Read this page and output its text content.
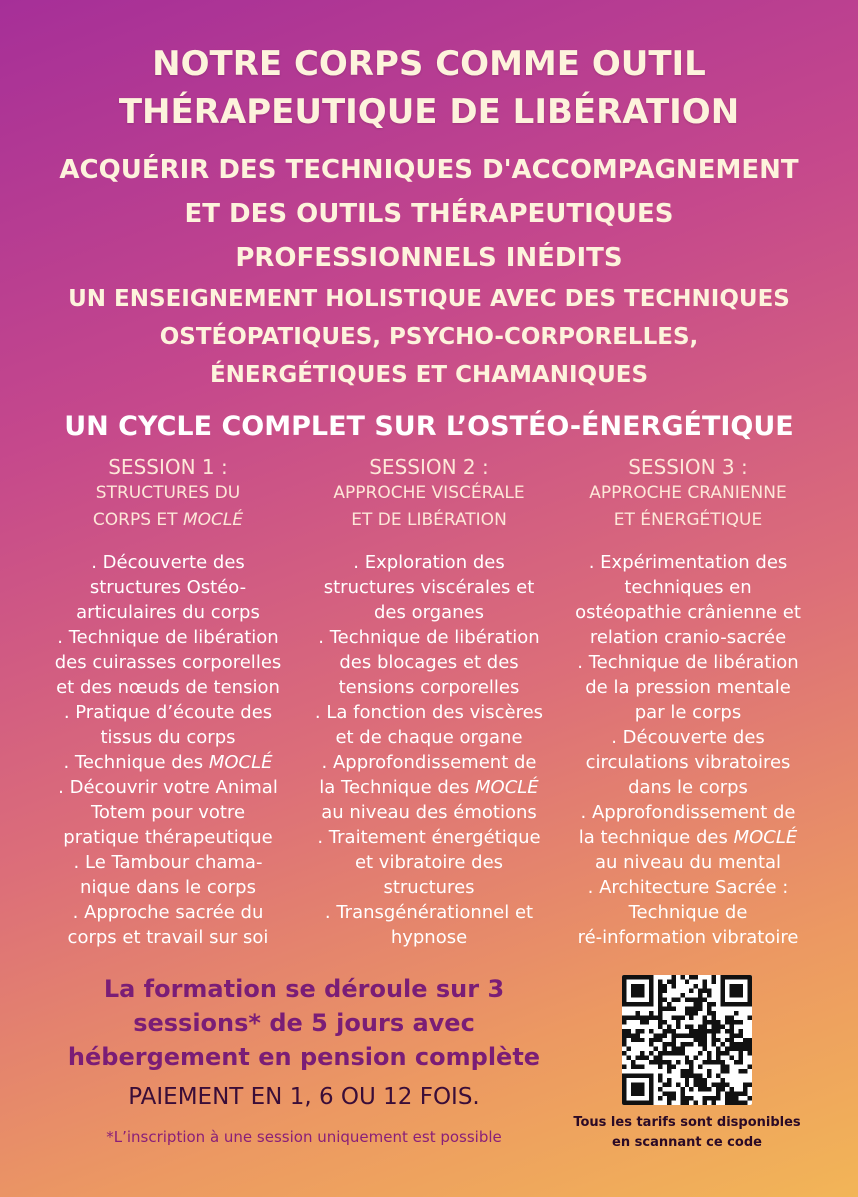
NOTRE CORPS COMME OUTIL
THÉRAPEUTIQUE DE LIBÉRATION
ACQUÉRIR DES TECHNIQUES D'ACCOMPAGNEMENT
ET DES OUTILS THÉRAPEUTIQUES
PROFESSIONNELS INÉDITS
UN ENSEIGNEMENT HOLISTIQUE AVEC DES TECHNIQUES
OSTÉOPATIQUES, PSYCHO-CORPORELLES,
ÉNERGÉTIQUES ET CHAMANIQUES
UN CYCLE COMPLET SUR L’OSTÉO-ÉNERGÉTIQUE
SESSION 1 :
STRUCTURES DU
CORPS ET MOCLÉ
. Découverte des
structures Ostéo-
articulaires du corps
. Technique de libération
des cuirasses corporelles
et des nœuds de tension
. Pratique d’écoute des
tissus du corps
. Technique des MOCLÉ
. Découvrir votre Animal
Totem pour votre
pratique thérapeutique
. Le Tambour chama-
nique dans le corps
. Approche sacrée du
corps et travail sur soi
SESSION 2 :
APPROCHE VISCÉRALE
ET DE LIBÉRATION
. Exploration des
structures viscérales et
des organes
. Technique de libération
des blocages et des
tensions corporelles
. La fonction des viscères
et de chaque organe
. Approfondissement de
la Technique des MOCLÉ
au niveau des émotions
. Traitement énergétique
et vibratoire des
structures
. Transgénérationnel et
hypnose
SESSION 3 :
APPROCHE CRANIENNE
ET ÉNERGÉTIQUE
. Expérimentation des
techniques en
ostéopathie crânienne et
relation cranio-sacrée
. Technique de libération
de la pression mentale
par le corps
. Découverte des
circulations vibratoires
dans le corps
. Approfondissement de
la technique des MOCLÉ
au niveau du mental
. Architecture Sacrée :
Technique de
ré-information vibratoire
La formation se déroule sur 3
sessions* de 5 jours avec
hébergement en pension complète
PAIEMENT EN 1, 6 OU 12 FOIS.
*L’inscription à une session uniquement est possible
Tous les tarifs sont disponibles
en scannant ce code
